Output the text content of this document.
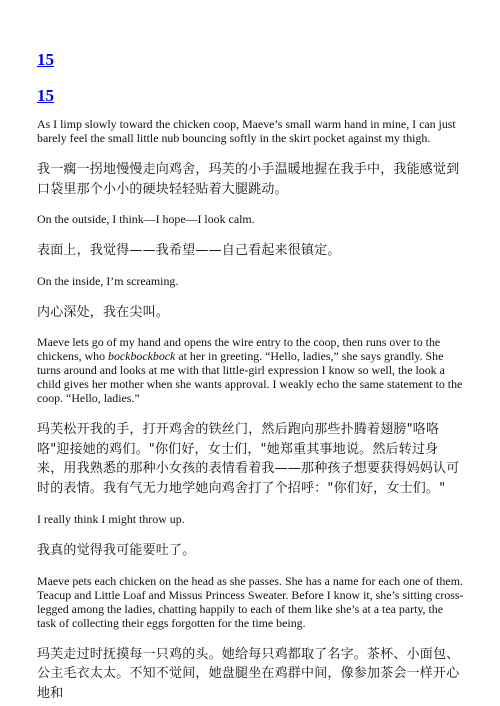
15
15

As I limp slowly toward the chicken coop, Maeve’s small warm hand in mine, I can just barely feel the small little nub bouncing softly in the skirt pocket against my thigh.

我一瘸一拐地慢慢走向鸡舍，玛芙的小手温暖地握在我手中，我能感觉到口袋里那个小小的硬块轻轻贴着大腿跳动。

On the outside, I think—I hope—I look calm.

表面上，我觉得——我希望——自己看起来很镇定。

On the inside, I’m screaming.

内心深处，我在尖叫。

Maeve lets go of my hand and opens the wire entry to the coop, then runs over to the chickens, who bockbockbock at her in greeting. “Hello, ladies,” she says grandly. She turns around and looks at me with that little-girl expression I know so well, the look a child gives her mother when she wants approval. I weakly echo the same statement to the coop. “Hello, ladies.”

玛芙松开我的手，打开鸡舍的铁丝门，然后跑向那些扑腾着翅膀"咯咯咯"迎接她的鸡们。"你们好，女士们，"她郑重其事地说。然后转过身来，用我熟悉的那种小女孩的表情看着我——那种孩子想要获得妈妈认可时的表情。我有气无力地学她向鸡舍打了个招呼："你们好，女士们。"

I really think I might throw up.

我真的觉得我可能要吐了。

Maeve pets each chicken on the head as she passes. She has a name for each one of them. Teacup and Little Loaf and Missus Princess Sweater. Before I know it, she’s sitting cross-legged among the ladies, chatting happily to each of them like she’s at a tea party, the task of collecting their eggs forgotten for the time being.

玛芙走过时抚摸每一只鸡的头。她给每只鸡都取了名字。茶杯、小面包、公主毛衣太太。不知不觉间，她盘腿坐在鸡群中间，像参加茶会一样开心地和
